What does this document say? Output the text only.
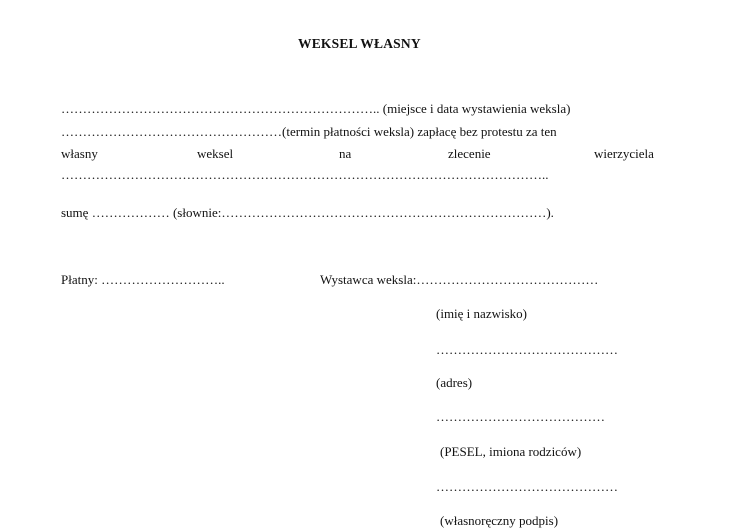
WEKSEL WŁASNY
……………………………………………………………….. (miejsce i data wystawienia weksla)
……………………………………………(termin płatności weksla) zapłacę bez protestu za ten
własny	weksel	na	zlecenie	wierzyciela
…………………………………………………………………………………………………..
sumę ……………… (słownie:…………………………………………………………………).
Płatny: ………………………..	Wystawca weksla:……………………………………
(imię i nazwisko)
……………………………………
(adres)
…………………………………
(PESEL, imiona rodziców)
……………………………………
(własnoręczny podpis)
